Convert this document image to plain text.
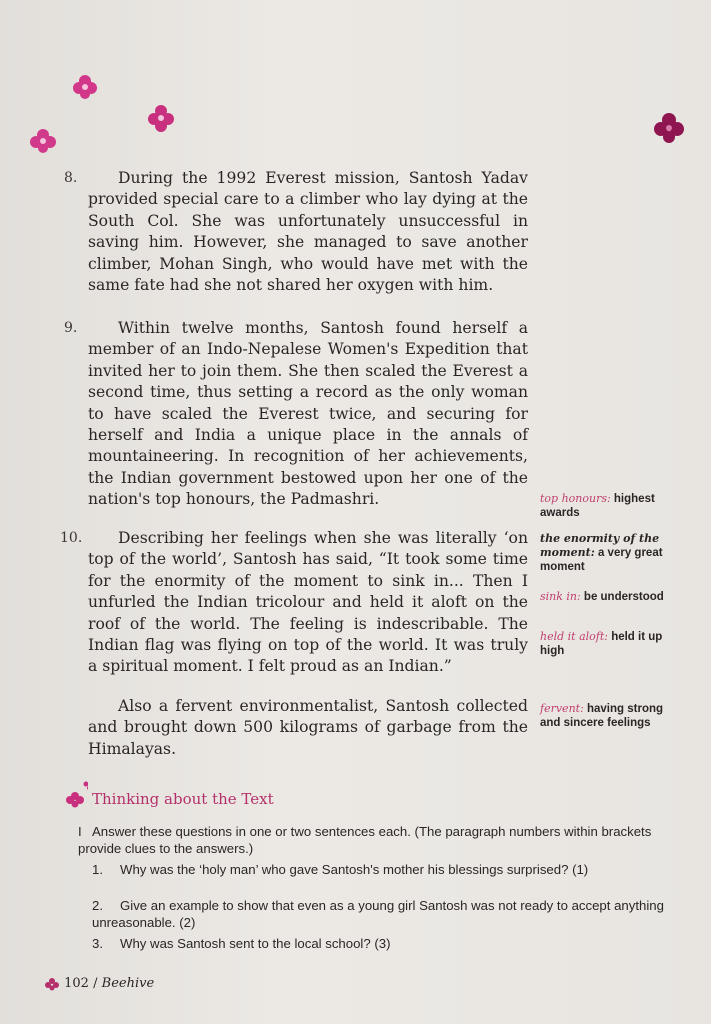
8.	During the 1992 Everest mission, Santosh Yadav provided special care to a climber who lay dying at the South Col. She was unfortunately unsuccessful in saving him. However, she managed to save another climber, Mohan Singh, who would have met with the same fate had she not shared her oxygen with him.
9.	Within twelve months, Santosh found herself a member of an Indo-Nepalese Women's Expedition that invited her to join them. She then scaled the Everest a second time, thus setting a record as the only woman to have scaled the Everest twice, and securing for herself and India a unique place in the annals of mountaineering. In recognition of her achievements, the Indian government bestowed upon her one of the nation's top honours, the Padmashri.
10.	Describing her feelings when she was literally ‘on top of the world’, Santosh has said, “It took some time for the enormity of the moment to sink in... Then I unfurled the Indian tricolour and held it aloft on the roof of the world. The feeling is indescribable. The Indian flag was flying on top of the world. It was truly a spiritual moment. I felt proud as an Indian.”
Also a fervent environmentalist, Santosh collected and brought down 500 kilograms of garbage from the Himalayas.
top honours: highest awards
the enormity of the moment: a very great moment
sink in: be understood
held it aloft: held it up high
fervent: having strong and sincere feelings
Thinking about the Text
I Answer these questions in one or two sentences each. (The paragraph numbers within brackets provide clues to the answers.)
1. Why was the ‘holy man’ who gave Santosh's mother his blessings surprised? (1)
2. Give an example to show that even as a young girl Santosh was not ready to accept anything unreasonable. (2)
3. Why was Santosh sent to the local school? (3)
102 / Beehive
